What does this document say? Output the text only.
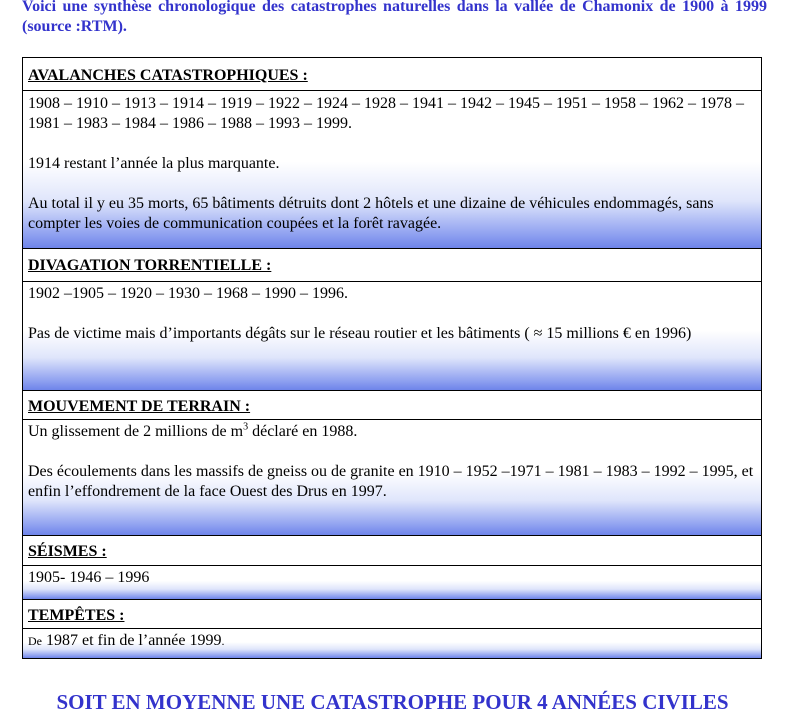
Voici une synthèse chronologique des catastrophes naturelles dans la vallée de Chamonix de 1900 à 1999 (source :RTM).
AVALANCHES CATASTROPHIQUES :

1908 – 1910 – 1913 – 1914 – 1919 – 1922 – 1924 – 1928 – 1941 – 1942 – 1945 – 1951 – 1958 – 1962 – 1978 – 1981 – 1983 – 1984 – 1986 – 1988 – 1993 – 1999.

1914 restant l’année la plus marquante.

Au total il y eu 35 morts, 65 bâtiments détruits dont 2 hôtels et une dizaine de véhicules endommagés, sans compter les voies de communication coupées et la forêt ravagée.

DIVAGATION TORRENTIELLE :

1902 –1905 – 1920 – 1930 – 1968 – 1990 – 1996.

Pas de victime mais d’importants dégâts sur le réseau routier et les bâtiments ( ≈ 15 millions € en 1996)

MOUVEMENT DE TERRAIN :

Un glissement de 2 millions de $m^3$ déclaré en 1988.

Des écoulements dans les massifs de gneiss ou de granite en 1910 – 1952 –1971 – 1981 – 1983 – 1992 – 1995, et enfin l’effondrement de la face Ouest des Drus en 1997.

SÉISMES :

1905- 1946 – 1996

TEMPÊTES :

De 1987 et fin de l’année 1999.

SOIT EN MOYENNE UNE CATASTROPHE POUR 4 ANNÉES CIVILES
